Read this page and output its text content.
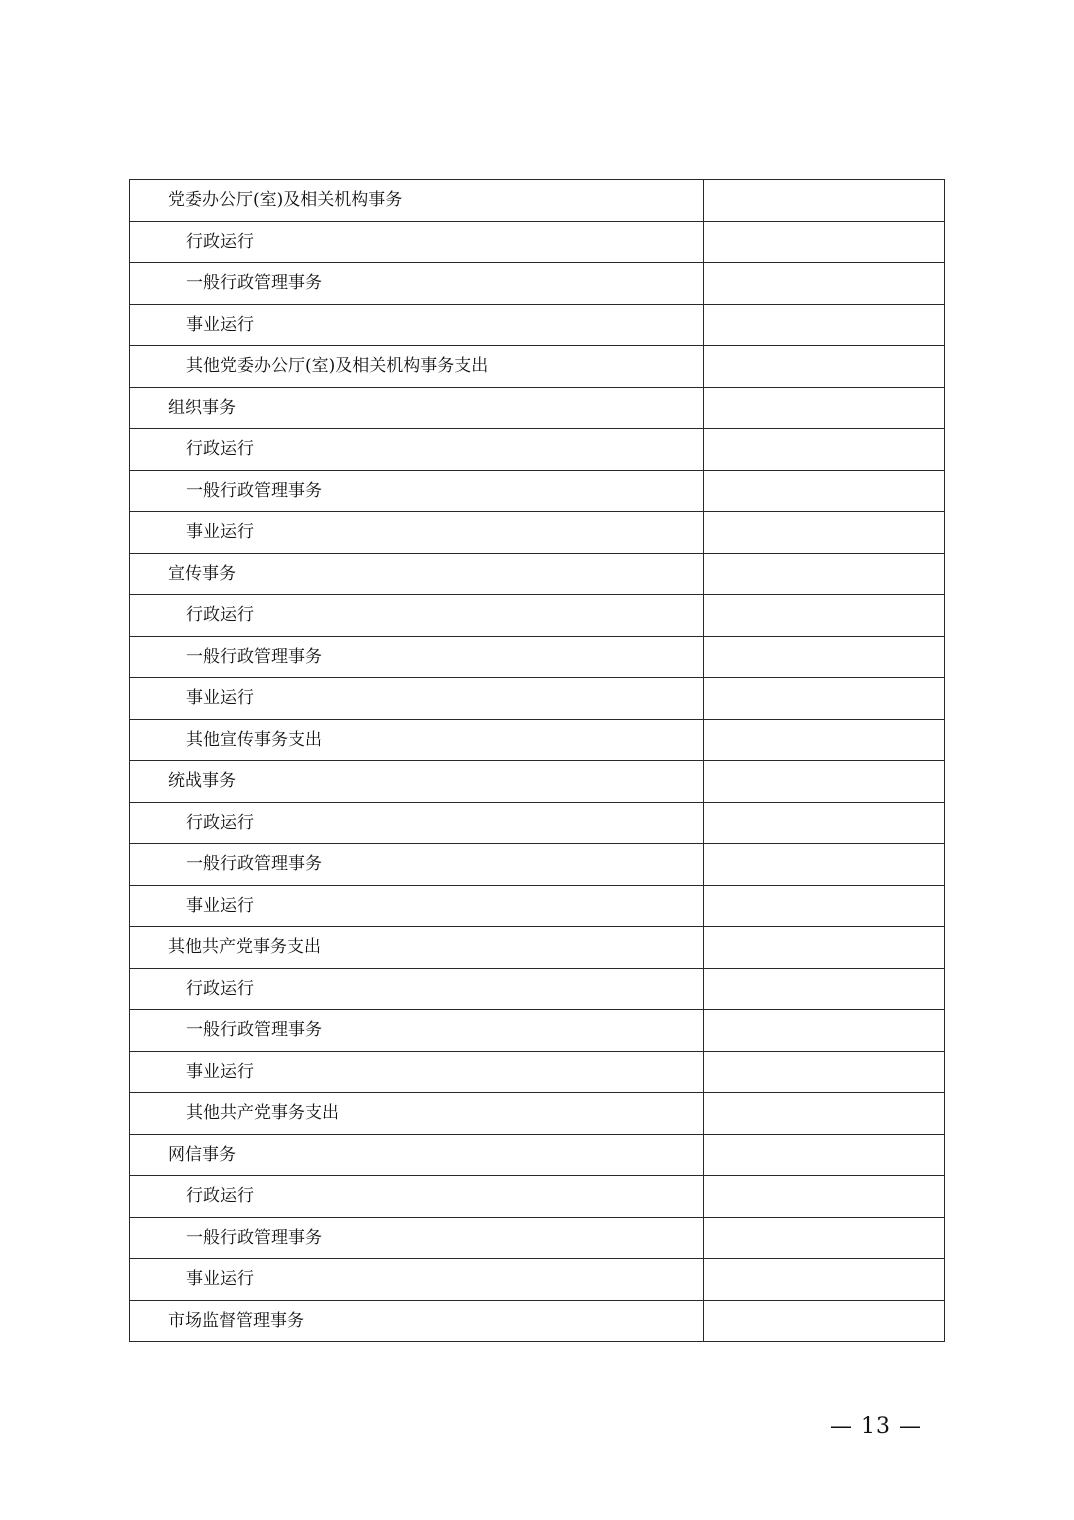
党委办公厅(室)及相关机构事务	
行政运行	
一般行政管理事务	
事业运行	
其他党委办公厅(室)及相关机构事务支出	
组织事务	
行政运行	
一般行政管理事务	
事业运行	
宣传事务	
行政运行	
一般行政管理事务	
事业运行	
其他宣传事务支出	
统战事务	
行政运行	
一般行政管理事务	
事业运行	
其他共产党事务支出	
行政运行	
一般行政管理事务	
事业运行	
其他共产党事务支出	
网信事务	
行政运行	
一般行政管理事务	
事业运行	
市场监督管理事务	
— 13 —
